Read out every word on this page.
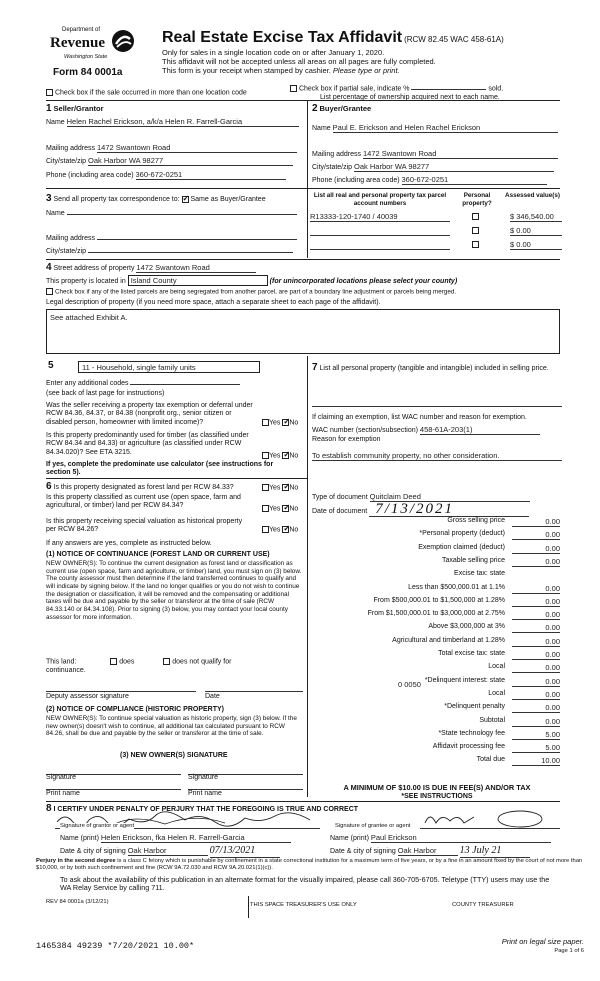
Department of
Revenue
Washington State
Form 84 0001a
Real Estate Excise Tax Affidavit (RCW 82.45 WAC 458-61A)
Only for sales in a single location code on or after January 1, 2020.
This affidavit will not be accepted unless all areas on all pages are fully completed.
This form is your receipt when stamped by cashier. Please type or print.
Check box if the sale occurred in more than one location code
Check box if partial sale, indicate %	sold.
List percentage of ownership acquired next to each name.
1 Seller/Grantor
Name Helen Rachel Erickson, a/k/a Helen R. Farrell-Garcia
Mailing address 1472 Swantown Road
City/state/zip Oak Harbor WA 98277
Phone (including area code) 360-672-0251
2 Buyer/Grantee
Name Paul E. Erickson and Helen Rachel Erickson
Mailing address 1472 Swantown Road
City/state/zip Oak Harbor WA 98277
Phone (including area code) 360-672-0251
3 Send all property tax correspondence to: ✓ Same as Buyer/Grantee
Name
Mailing address
City/state/zip
List all real and personal property tax parcel account numbers
Personal property?
Assessed value(s)
R13333-120-1740 / 40039	$ 346,540.00
$ 0.00
$ 0.00
4 Street address of property 1472 Swantown Road
This property is located in Island County	(for unincorporated locations please select your county)
Check box if any of the listed parcels are being segregated from another parcel, are part of a boundary line adjustment or parcels being merged.
Legal description of property (if you need more space, attach a separate sheet to each page of the affidavit).
See attached Exhibit A.
5	11 - Household, single family units
Enter any additional codes
(see back of last page for instructions)
Was the seller receiving a property tax exemption or deferral under RCW 84.36, 84.37, or 84.38 (nonprofit org., senior citizen or disabled person, homeowner with limited income)?	Yes ✓ No
Is this property predominantly used for timber (as classified under RCW 84.34 and 84.33) or agriculture (as classified under RCW 84.34.020)? See ETA 3215.
Yes ✓ No
If yes, complete the predominate use calculator (see instructions for section 5).
7 List all personal property (tangible and intangible) included in selling price.
If claiming an exemption, list WAC number and reason for exemption.
WAC number (section/subsection) 458-61A-203(1)
Reason for exemption
To establish community property, no other consideration.
6 Is this property designated as forest land per RCW 84.33?	Yes ✓ No
Is this property classified as current use (open space, farm and agricultural, or timber) land per RCW 84.34?	Yes ✓ No
Is this property receiving special valuation as historical property per RCW 84.26?	Yes ✓ No
If any answers are yes, complete as instructed below.
(1) NOTICE OF CONTINUANCE (FOREST LAND OR CURRENT USE)
NEW OWNER(S): To continue the current designation as forest land or classification as current use (open space, farm and agriculture, or timber) land, you must sign on (3) below. The county assessor must then determine if the land transferred continues to qualify and will indicate by signing below. If the land no longer qualifies or you do not wish to continue the designation or classification, it will be removed and the compensating or additional taxes will be due and payable by the seller or transferor at the time of sale (RCW 84.33.140 or 84.34.108). Prior to signing (3) below, you may contact your local county assessor for more information.
This land:	does	does not qualify for
continuance.
Deputy assessor signature	Date
(2) NOTICE OF COMPLIANCE (HISTORIC PROPERTY)
NEW OWNER(S): To continue special valuation as historic property, sign (3) below. If the new owner(s) doesn't wish to continue, all additional tax calculated pursuant to RCW 84.26, shall be due and payable by the seller or transferor at the time of sale.
(3) NEW OWNER(S) SIGNATURE
Signature	Signature
Print name	Print name
Type of document Quitclaim Deed
Date of document 7/13/2021
Gross selling price	0.00
*Personal property (deduct)	0.00
Exemption claimed (deduct)	0.00
Taxable selling price	0.00
Excise tax: state
Less than $500,000.01 at 1.1%	0.00
From $500,000.01 to $1,500,000 at 1.28%	0.00
From $1,500,000.01 to $3,000,000 at 2.75%	0.00
Above $3,000,000 at 3%	0.00
Agricultural and timberland at 1.28%	0.00
Total excise tax: state	0.00
Local	0.00
*Delinquent interest: state	0.00
Local	0.00
*Delinquent penalty	0.00
Subtotal	0.00
*State technology fee	5.00
Affidavit processing fee	5.00
Total due	10.00
0 0050
A MINIMUM OF $10.00 IS DUE IN FEE(S) AND/OR TAX
*SEE INSTRUCTIONS
8 I CERTIFY UNDER PENALTY OF PERJURY THAT THE FOREGOING IS TRUE AND CORRECT
Signature of grantor or agent	Signature of grantee or agent
Name (print) Helen Erickson, fka Helen R. Farrell-Garcia	Name (print) Paul Erickson
Date & city of signing Oak Harbor	07/13/2021	Date & city of signing Oak Harbor 13 July 21
Perjury in the second degree is a class C felony which is punishable by confinement in a state correctional institution for a maximum term of five years, or by a fine in an amount fixed by the court of not more than $10,000, or by both such confinement and fine (RCW 9A.72.030 and RCW 9A.20.021(1)(c)).
To ask about the availability of this publication in an alternate format for the visually impaired, please call 360-705-6705. Teletype (TTY) users may use the WA Relay Service by calling 711.
REV 84 0001a (3/12/21)	THIS SPACE TREASURER'S USE ONLY	COUNTY TREASURER
1465384 49239 *7/20/2021 10.00*	Print on legal size paper.
Page 1 of 6
